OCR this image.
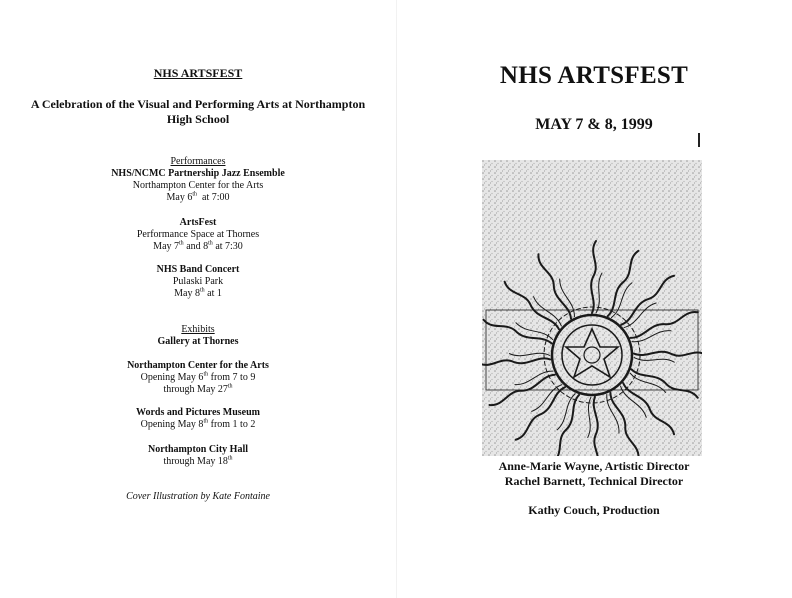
NHS ARTSFEST
A Celebration of the Visual and Performing Arts at Northampton
High School
Performances
NHS/NCMC Partnership Jazz Ensemble
Northampton Center for the Arts
May 6th  at 7:00
ArtsFest
Performance Space at Thornes
May 7th and 8th at 7:30
NHS Band Concert
Pulaski Park
May 8th at 1
Exhibits
Gallery at Thornes
Northampton Center for the Arts
Opening May 6th from 7 to 9
through May 27th
Words and Pictures Museum
Opening May 8th from 1 to 2
Northampton City Hall
through May 18th
Cover Illustration by Kate Fontaine
NHS ARTSFEST
MAY 7 & 8, 1999
Anne-Marie Wayne, Artistic Director
Rachel Barnett, Technical Director
Kathy Couch, Production
